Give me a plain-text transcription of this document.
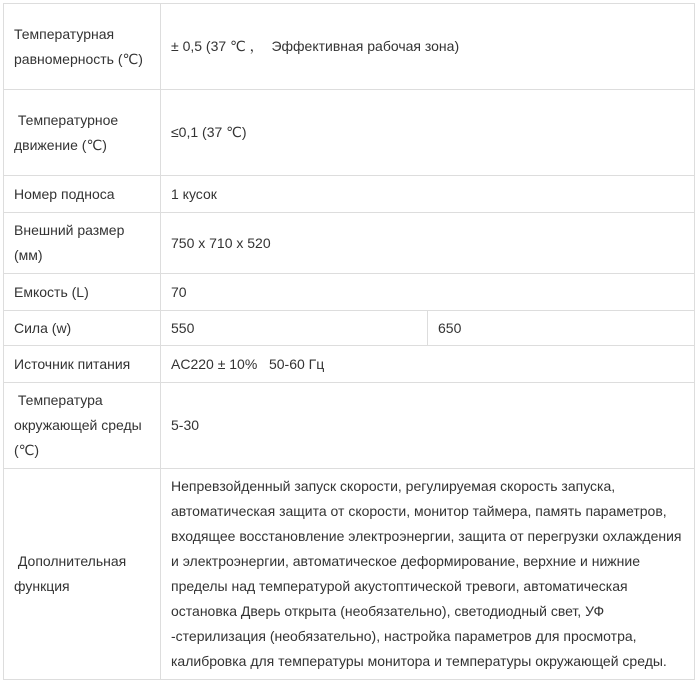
Температурная равномерность (℃)	± 0,5 (37 ℃ ，  Эффективная рабочая зона)	
Температурное движение (℃)	≤0,1 (37 ℃)	
Номер подноса	1 кусок	
Внешний размер (мм)	750 x 710 x 520	
Емкость (L)	70	
Сила (w)	550	650
Источник питания	AC220 ± 10%   50-60 Гц	
Температура окружающей среды (℃)	5-30	
Дополнительная функция	Непревзойденный запуск скорости, регулируемая скорость запуска, автоматическая защита от скорости, монитор таймера, память параметров, входящее восстановление электроэнергии, защита от перегрузки охлаждения и электроэнергии, автоматическое деформирование, верхние и нижние пределы над температурой акустоптической тревоги, автоматическая остановка Дверь открыта (необязательно), светодиодный свет, УФ -стерилизация (необязательно), настройка параметров для просмотра, калибровка для температуры монитора и температуры окружающей среды.	
